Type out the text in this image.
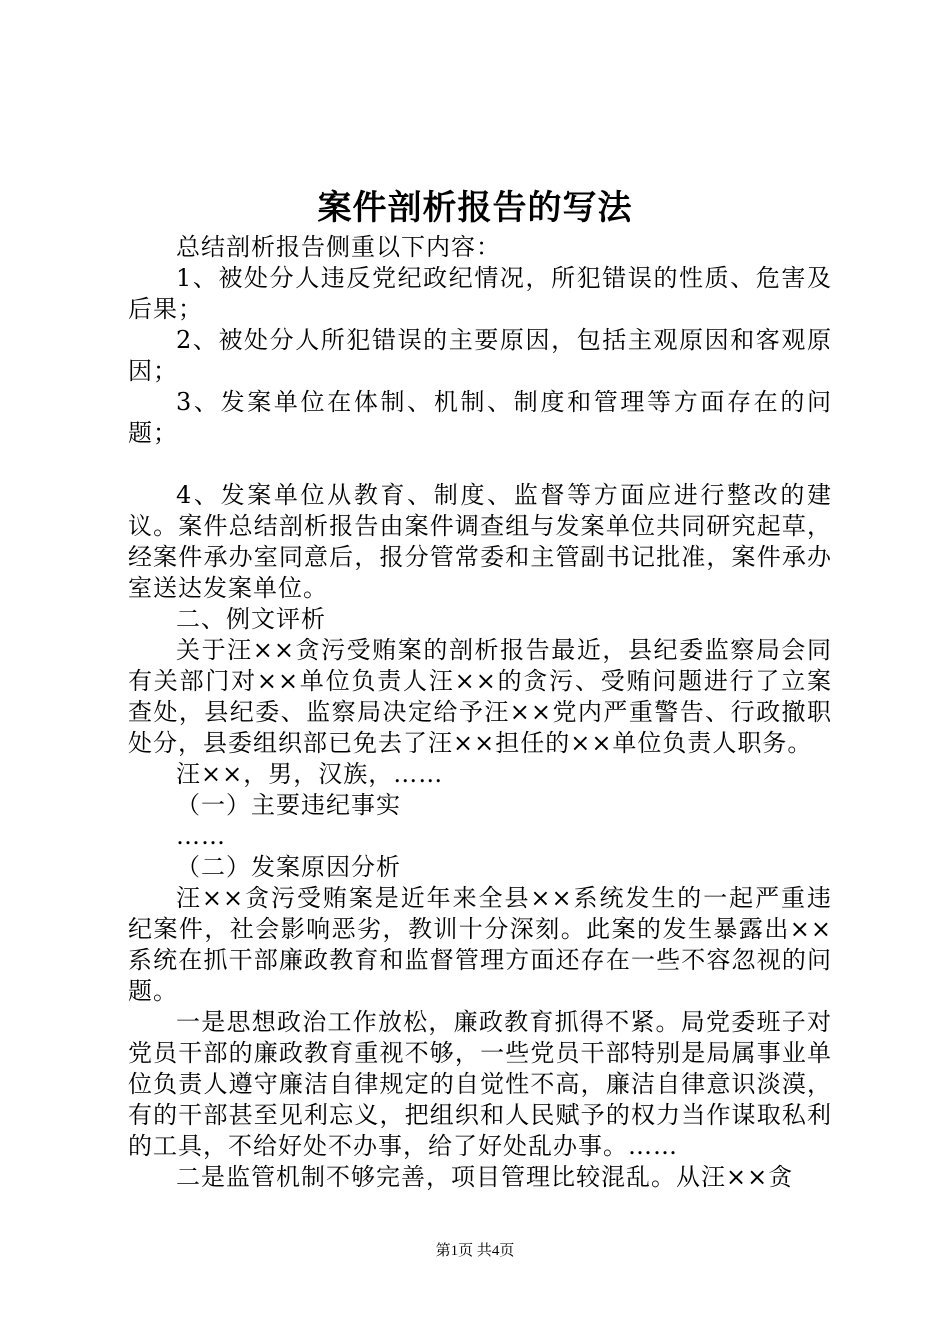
案件剖析报告的写法

总结剖析报告侧重以下内容：

1、被处分人违反党纪政纪情况，所犯错误的性质、危害及后果；

2、被处分人所犯错误的主要原因，包括主观原因和客观原因；

3、发案单位在体制、机制、制度和管理等方面存在的问题；

4、发案单位从教育、制度、监督等方面应进行整改的建议。案件总结剖析报告由案件调查组与发案单位共同研究起草，经案件承办室同意后，报分管常委和主管副书记批准，案件承办室送达发案单位。

二、例文评析

关于汪××贪污受贿案的剖析报告最近，县纪委监察局会同有关部门对××单位负责人汪××的贪污、受贿问题进行了立案查处，县纪委、监察局决定给予汪××党内严重警告、行政撤职处分，县委组织部已免去了汪××担任的××单位负责人职务。

汪××，男，汉族，……

（一）主要违纪事实

……

（二）发案原因分析

汪××贪污受贿案是近年来全县××系统发生的一起严重违纪案件，社会影响恶劣，教训十分深刻。此案的发生暴露出××系统在抓干部廉政教育和监督管理方面还存在一些不容忽视的问题。

一是思想政治工作放松，廉政教育抓得不紧。局党委班子对党员干部的廉政教育重视不够，一些党员干部特别是局属事业单位负责人遵守廉洁自律规定的自觉性不高，廉洁自律意识淡漠，有的干部甚至见利忘义，把组织和人民赋予的权力当作谋取私利的工具，不给好处不办事，给了好处乱办事。……

二是监管机制不够完善，项目管理比较混乱。从汪××贪

第1页 共4页
